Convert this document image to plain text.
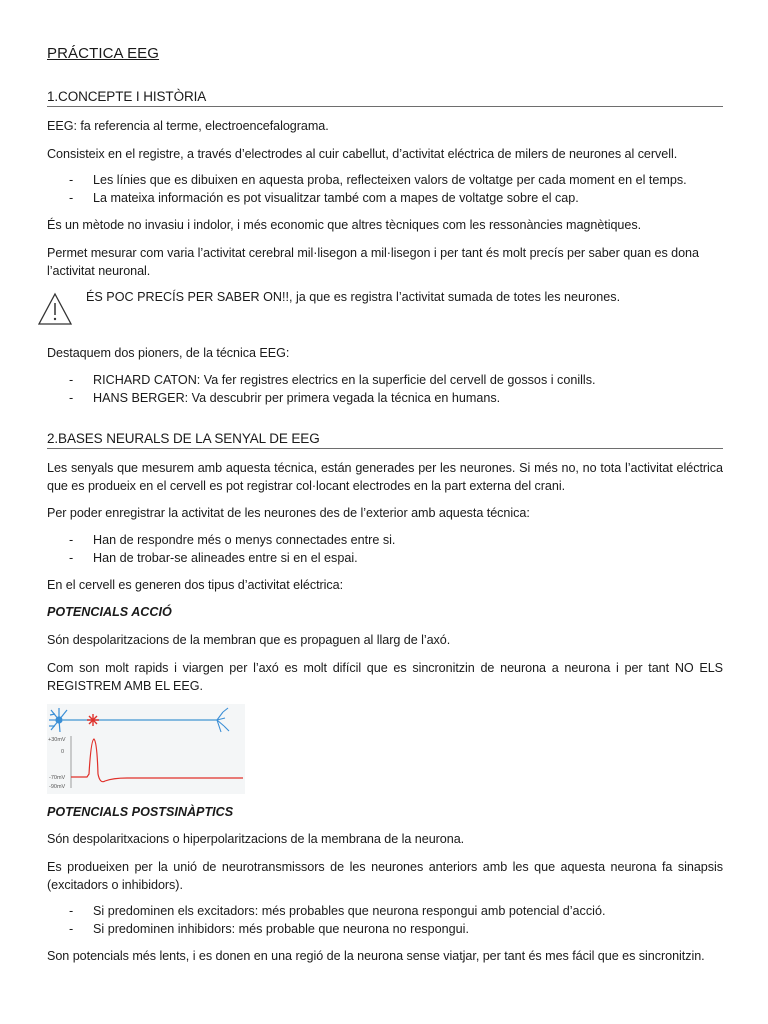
PRÁCTICA EEG
1.CONCEPTE I HISTÒRIA
EEG: fa referencia al terme, electroencefalograma.
Consisteix en el registre, a través d’electrodes al cuir cabellut, d’activitat eléctrica de milers de neurones al cervell.
- Les línies que es dibuixen en aquesta proba, reflecteixen valors de voltatge per cada moment en el temps.
- La mateixa información es pot visualitzar també com a mapes de voltatge sobre el cap.
És un mètode no invasiu i indolor, i més economic que altres tècniques com les ressonàncies magnètiques.
Permet mesurar com varia l’activitat cerebral mil·lisegon a mil·lisegon i per tant és molt precís per saber quan es dona l’activitat neuronal.
ÉS POC PRECÍS PER SABER ON!!, ja que es registra l’activitat sumada de totes les neurones.
Destaquem dos pioners, de la técnica EEG:
- RICHARD CATON: Va fer registres electrics en la superficie del cervell de gossos i conills.
- HANS BERGER: Va descubrir per primera vegada la técnica en humans.
2.BASES NEURALS DE LA SENYAL DE EEG
Les senyals que mesurem amb aquesta técnica, están generades per les neurones. Si més no, no tota l’activitat eléctrica que es produeix en el cervell es pot registrar col·locant electrodes en la part externa del crani.
Per poder enregistrar la activitat de les neurones des de l’exterior amb aquesta técnica:
- Han de respondre més o menys connectades entre si.
- Han de trobar-se alineades entre si en el espai.
En el cervell es generen dos tipus d’activitat eléctrica:
POTENCIALS ACCIÓ
Són despolaritzacions de la membran que es propaguen al llarg de l’axó.
Com son molt rapids i viargen per l’axó es molt difícil que es sincronitzin de neurona a neurona i per tant NO ELS REGISTREM AMB EL EEG.
+30mV
0
-70mV
-90mV
POTENCIALS POSTSINÀPTICS
Són despolaritxacions o hiperpolaritzacions de la membrana de la neurona.
Es produeixen per la unió de neurotransmissors de les neurones anteriors amb les que aquesta neurona fa sinapsis (excitadors o inhibidors).
- Si predominen els excitadors: més probables que neurona respongui amb potencial d’acció.
- Si predominen inhibidors: més probable que neurona no respongui.
Son potencials més lents, i es donen en una regió de la neurona sense viatjar, per tant és mes fácil que es sincronitzin.
